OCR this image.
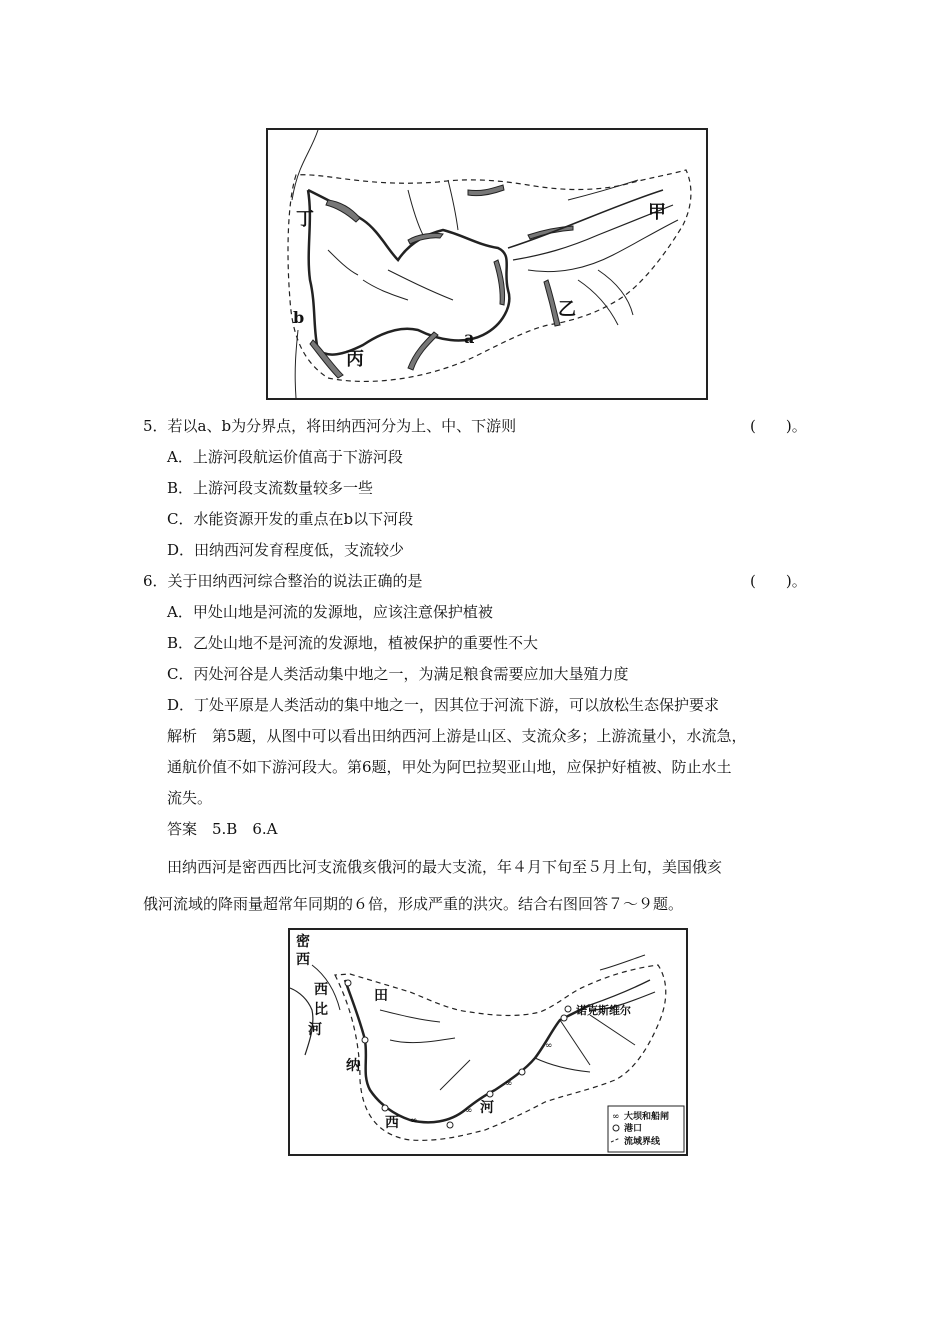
丁	甲
乙
丙
a
b
5．若以a、b为分界点，将田纳西河分为上、中、下游则	(　　)。
A．上游河段航运价值高于下游河段
B．上游河段支流数量较多一些
C．水能资源开发的重点在b以下河段
D．田纳西河发育程度低，支流较少
6．关于田纳西河综合整治的说法正确的是	(　　)。
A．甲处山地是河流的发源地，应该注意保护植被
B．乙处山地不是河流的发源地，植被保护的重要性不大
C．丙处河谷是人类活动集中地之一，为满足粮食需要应加大垦殖力度
D．丁处平原是人类活动的集中地之一，因其位于河流下游，可以放松生态保护要求
解析　第5题，从图中可以看出田纳西河上游是山区、支流众多；上游流量小，水流急，
通航价值不如下游河段大。第6题，甲处为阿巴拉契亚山地，应保护好植被、防止水土
流失。
答案　5.B　6.A
田纳西河是密西西比河支流俄亥俄河的最大支流，年４月下旬至５月上旬，美国俄亥
俄河流域的降雨量超常年同期的６倍，形成严重的洪灾。结合右图回答７～９题。
∞
∞
∞
∞
密
西
西
比
河
田
纳
西
河
诺克斯维尔
∞ 大坝和船闸
港口
流域界线
